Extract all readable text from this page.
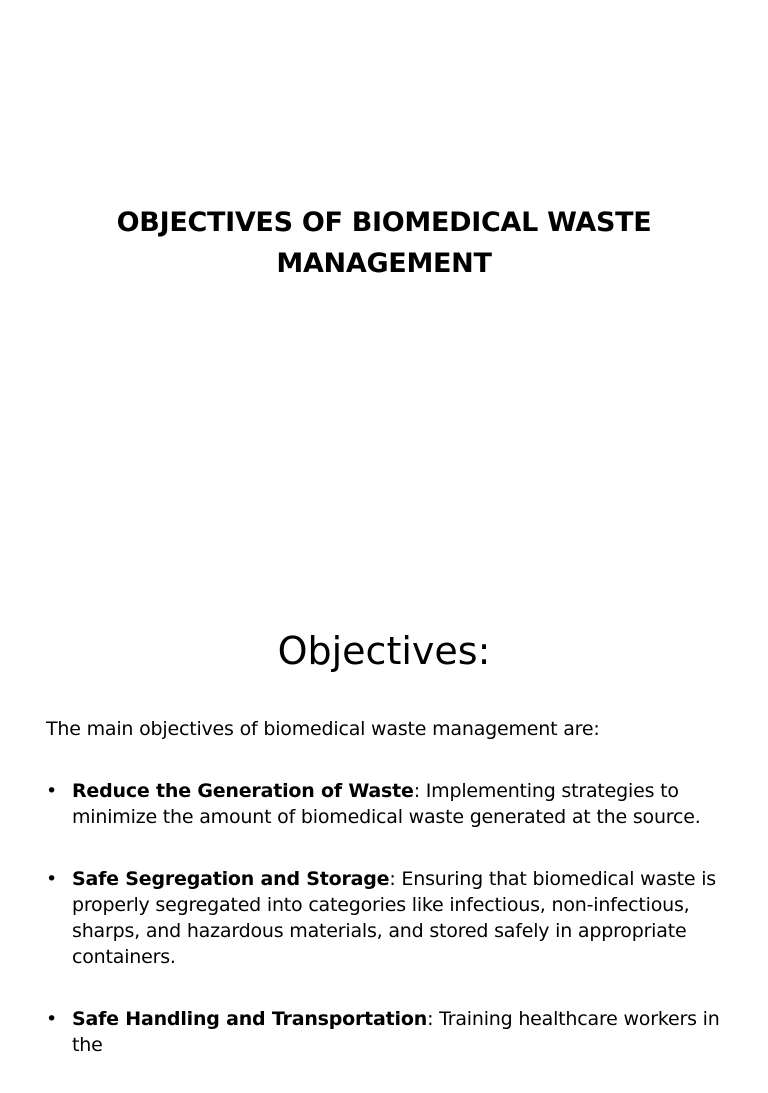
OBJECTIVES OF BIOMEDICAL WASTE
MANAGEMENT
Objectives:

The main objectives of biomedical waste management are:

• Reduce the Generation of Waste: Implementing strategies to minimize the amount of biomedical waste generated at the source.
• Safe Segregation and Storage: Ensuring that biomedical waste is properly segregated into categories like infectious, non-infectious, sharps, and hazardous materials, and stored safely in appropriate containers.
• Safe Handling and Transportation: Training healthcare workers in the
